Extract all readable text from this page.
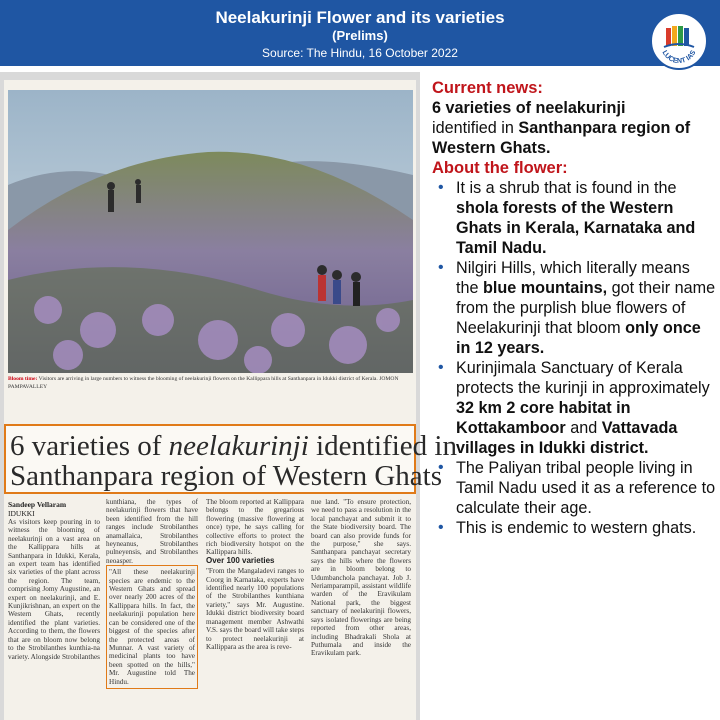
Neelakurinji Flower and its varieties
(Prelims)
Source: The Hindu, 16 October 2022	LUCENT IAS
Bloom time: Visitors are arriving in large numbers to witness the blooming of neelakurinji flowers on the Kallippara hills at Santhanpara in Idukki district of Kerala. JOMON PAMPAVALLEY
6 varieties of neelakurinji identified in
Santhanpara region of Western Ghats
Sandeep Vellaram
IDUKKI
As visitors keep pouring in to witness the blooming of neelakurinji on a vast area on the Kallippara hills at Santhanpara in Idukki, Kerala, an expert team has identified six varieties of the plant across the region. The team, comprising Jomy Augustine, an expert on neelakurinji, and E. Kunjikrishnan, an expert on the Western Ghats, recently identified the plant varieties. According to them, the flowers that are on bloom now belong to the Strobilanthes kunthia-na variety. Alongside Strobilanthes
kunthiana, the types of neelakurinji flowers that have been identified from the hill ranges include Strobilanthes anamallaica, Strobilanthes heyneanus, Strobilanthes pulneyensis, and Strobilanthes neoasper.
"All these neelakurinji species are endemic to the Western Ghats and spread over nearly 200 acres of the Kallippara hills. In fact, the neelakurinji population here can be considered one of the biggest of the species after the protected areas of Munnar. A vast variety of medicinal plants too have been spotted on the hills," Mr. Augustine told The Hindu.
The bloom reported at Kallippara belongs to the gregarious flowering (massive flowering at once) type, he says calling for collective efforts to protect the rich biodiversity hotspot on the Kallippara hills.
Over 100 varieties
"From the Mangaladevi ranges to Coorg in Karnataka, experts have identified nearly 100 populations of the Strobilanthes kunthiana variety," says Mr. Augustine. Idukki district biodiversity board management member Ashwathi V.S. says the board will take steps to protect neelakurinji at Kallippara as the area is reve-
nue land. "To ensure protection, we need to pass a resolution in the local panchayat and submit it to the State biodiversity board. The board can also provide funds for the purpose," she says. Santhanpara panchayat secretary says the hills where the flowers are in bloom belong to Udumbanchola panchayat. Job J. Neriamparampil, assistant wildlife warden of the Eravikulam National park, the biggest sanctuary of neelakurinji flowers, says isolated flowerings are being reported from other areas, including Bhadrakali Shola at Puthumala and inside the Eravikulam park.
Current news:
6 varieties of neelakurinji
identified in Santhanpara region of Western Ghats.
About the flower:
• It is a shrub that is found in the shola forests of the Western Ghats in Kerala, Karnataka and Tamil Nadu.
• Nilgiri Hills, which literally means the blue mountains, got their name from the purplish blue flowers of Neelakurinji that bloom only once in 12 years.
• Kurinjimala Sanctuary of Kerala protects the kurinji in approximately 32 km 2 core habitat in Kottakamboor and Vattavada villages in Idukki district.
• The Paliyan tribal people living in Tamil Nadu used it as a reference to calculate their age.
• This is endemic to western ghats.
